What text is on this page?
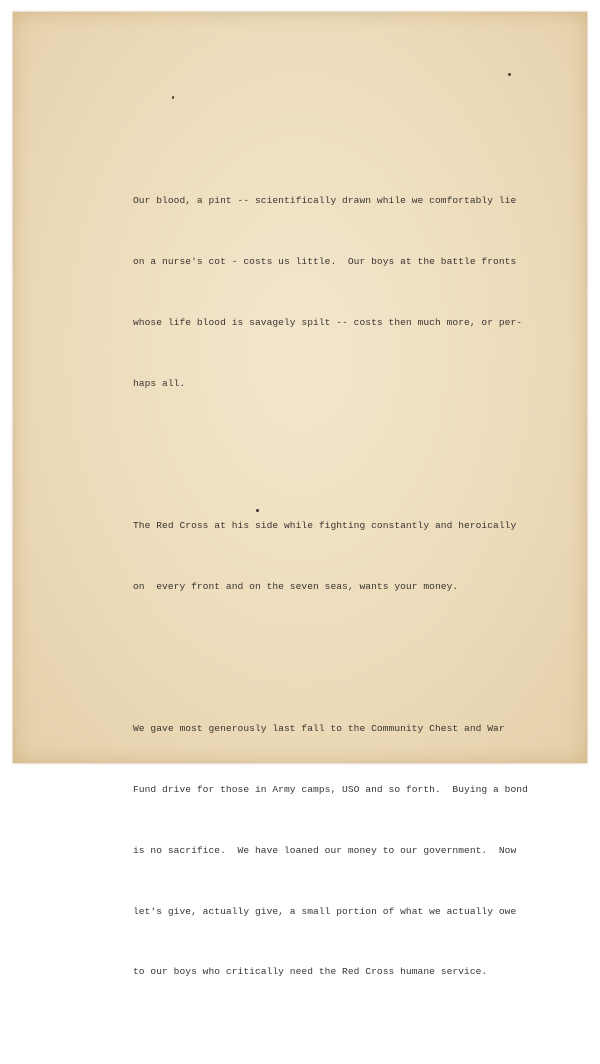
Our blood, a pint -- scientifically drawn while we comfortably lie

on a nurse's cot - costs us little.  Our boys at the battle fronts

whose life blood is savagely spilt -- costs then much more, or per-

haps all.

The Red Cross at his side while fighting constantly and heroically

on  every front and on the seven seas, wants your money.

We gave most generously last fall to the Community Chest and War

Fund drive for those in Army camps, USO and so forth.  Buying a bond

is no sacrifice.  We have loaned our money to our government.  Now

let's give, actually give, a small portion of what we actually owe

to our boys who critically need the Red Cross humane service.
